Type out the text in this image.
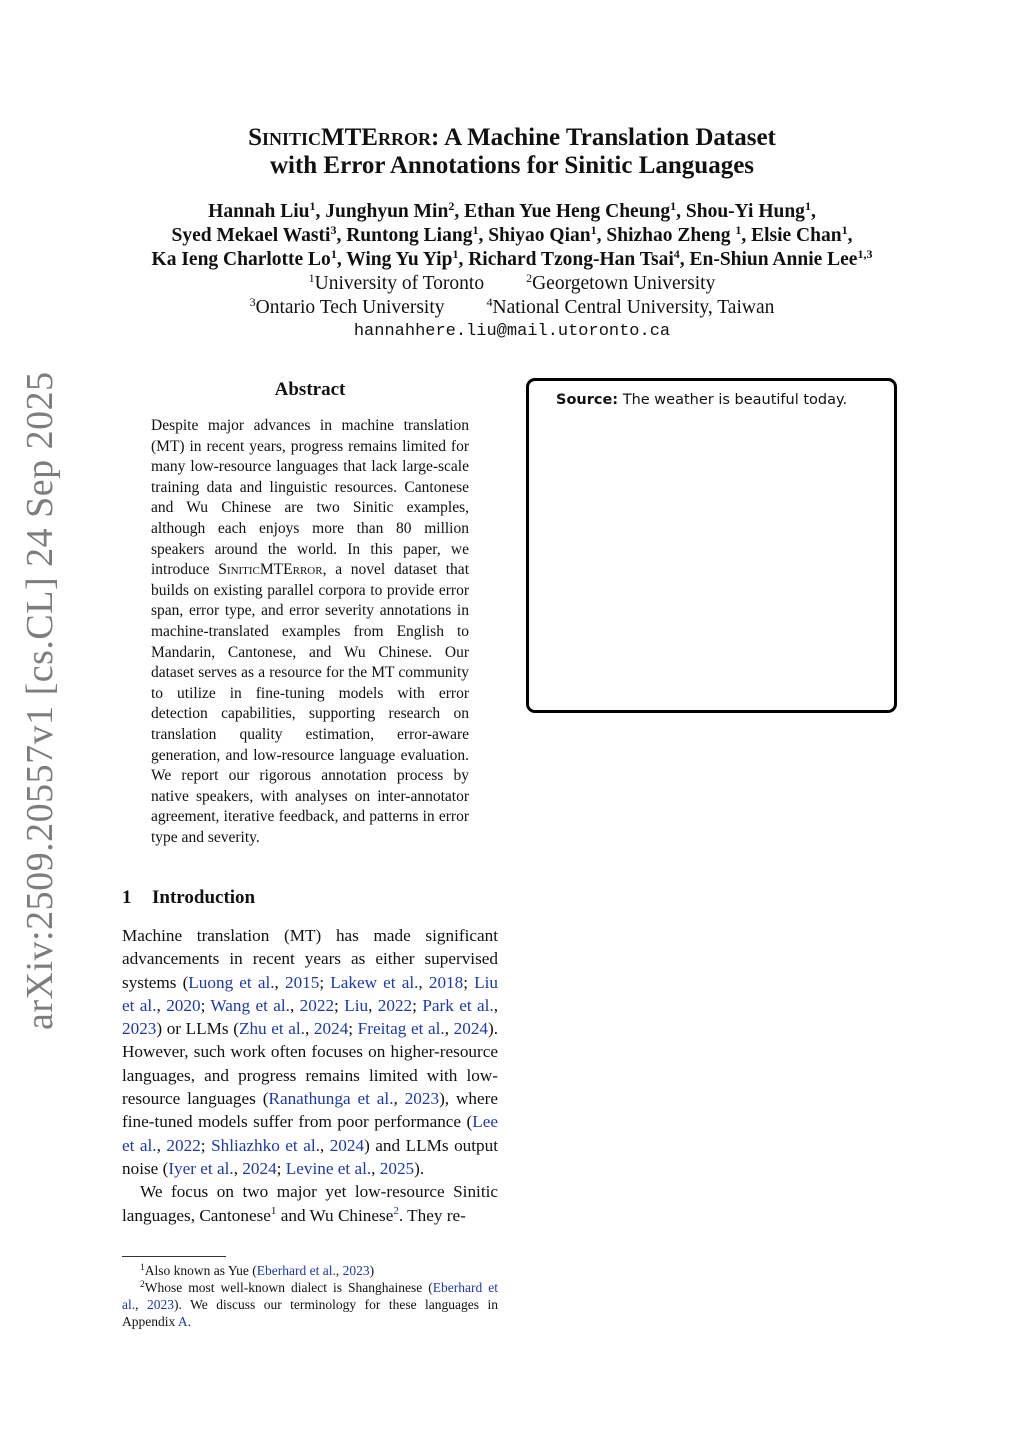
arXiv:2509.20557v1 [cs.CL] 24 Sep 2025
SiniticMTError: A Machine Translation Dataset
with Error Annotations for Sinitic Languages
Hannah Liu$^1$, Junghyun Min$^2$, Ethan Yue Heng Cheung$^1$, Shou-Yi Hung$^1$,
Syed Mekael Wasti$^3$, Runtong Liang$^1$, Shiyao Qian$^1$, Shizhao Zheng $^1$, Elsie Chan$^1$,
Ka Ieng Charlotte Lo$^1$, Wing Yu Yip$^1$, Richard Tzong-Han Tsai$^4$, En-Shiun Annie Lee$^{1,3}$
$^1$University of Toronto	$^2$Georgetown University
$^3$Ontario Tech University	$^4$National Central University, Taiwan
hannahhere.liu@mail.utoronto.ca
Abstract
Despite major advances in machine translation (MT) in recent years, progress remains limited for many low-resource languages that lack large-scale training data and linguistic resources. Cantonese and Wu Chinese are two Sinitic examples, although each enjoys more than 80 million speakers around the world. In this paper, we introduce SiniticMTError, a novel dataset that builds on existing parallel corpora to provide error span, error type, and error severity annotations in machine-translated examples from English to Mandarin, Cantonese, and Wu Chinese. Our dataset serves as a resource for the MT community to utilize in fine-tuning models with error detection capabilities, supporting research on translation quality estimation, error-aware generation, and low-resource language evaluation. We report our rigorous annotation process by native speakers, with analyses on inter-annotator agreement, iterative feedback, and patterns in error type and severity.
1 Introduction

Machine translation (MT) has made significant advancements in recent years as either supervised systems (Luong et al., 2015; Lakew et al., 2018; Liu et al., 2020; Wang et al., 2022; Liu, 2022; Park et al., 2023) or LLMs (Zhu et al., 2024; Freitag et al., 2024). However, such work often focuses on higher-resource languages, and progress remains limited with low-resource languages (Ranathunga et al., 2023), where fine-tuned models suffer from poor performance (Lee et al., 2022; Shliazhko et al., 2024) and LLMs output noise (Iyer et al., 2024; Levine et al., 2025).

We focus on two major yet low-resource Sinitic languages, Cantonese$^1$ and Wu Chinese$^2$. They re-

$^1$Also known as Yue (Eberhard et al., 2023)

$^2$Whose most well-known dialect is Shanghainese (Eberhard et al., 2023). We discuss our terminology for these languages in Appendix A.

Source: The weather is beautiful today.
